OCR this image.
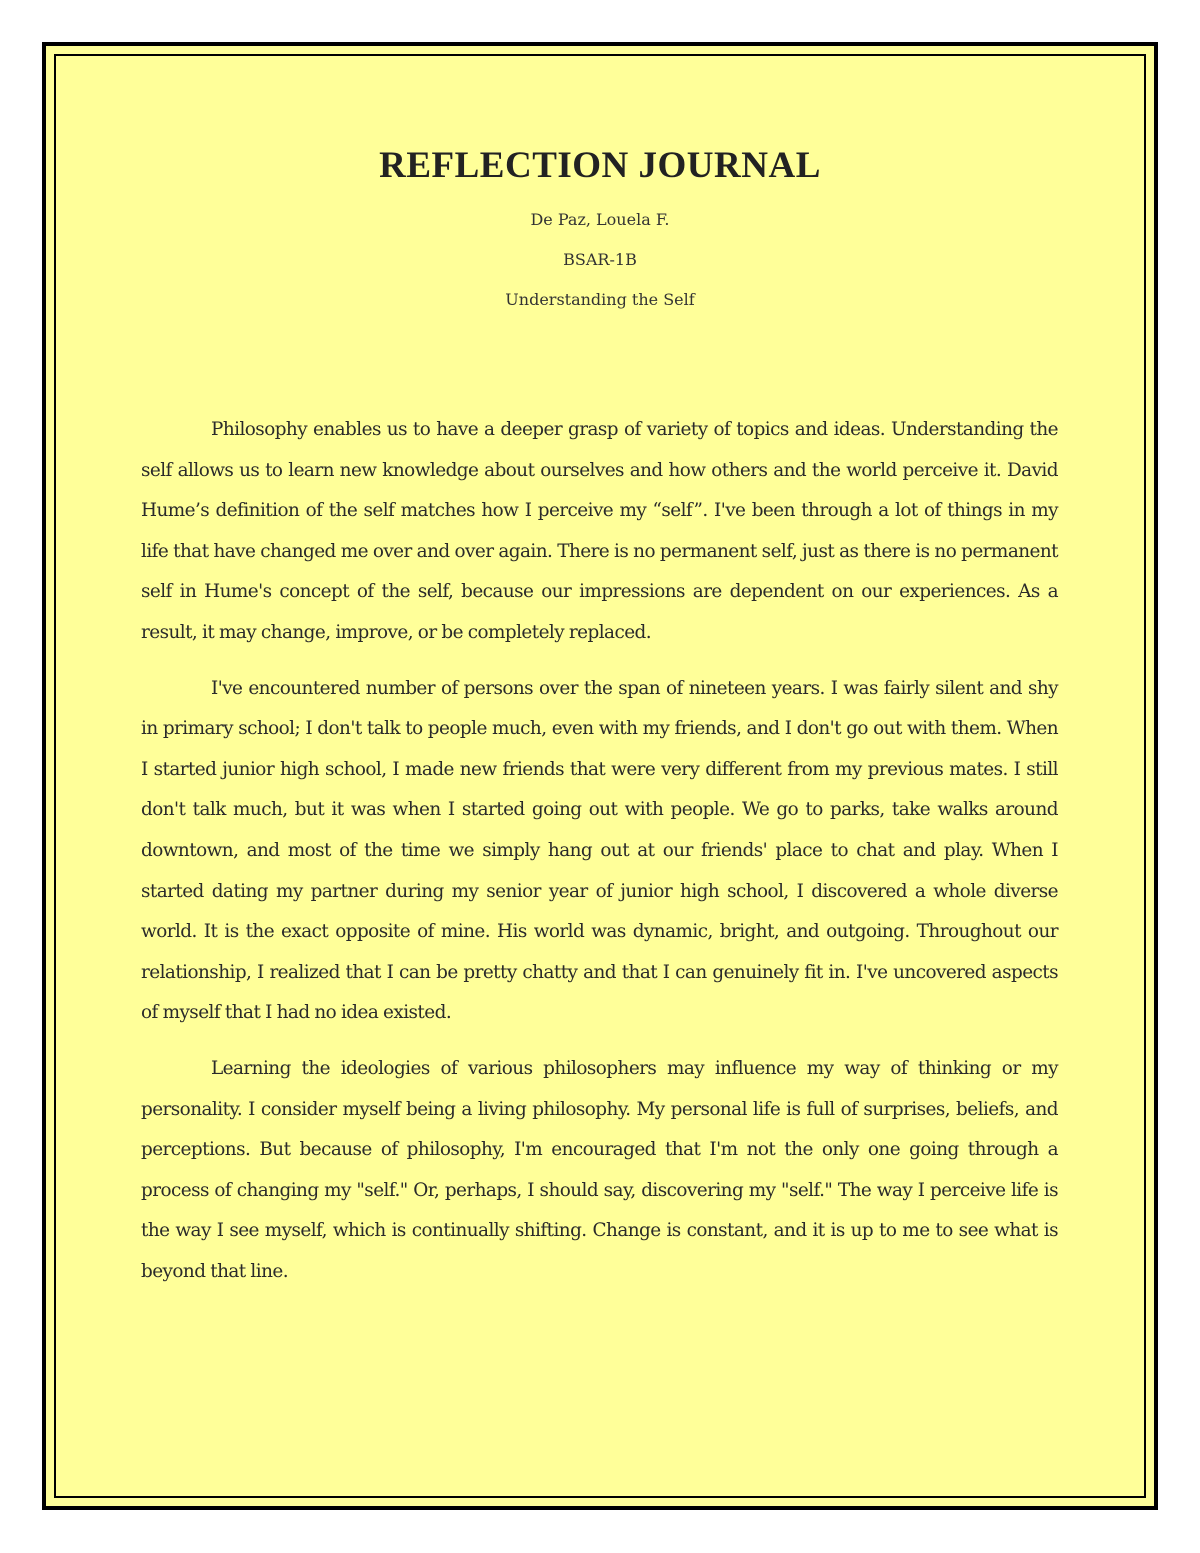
REFLECTION JOURNAL
De Paz, Louela F.
BSAR-1B
Understanding the Self

Philosophy enables us to have a deeper grasp of variety of topics and ideas. Understanding the self allows us to learn new knowledge about ourselves and how others and the world perceive it. David Hume’s definition of the self matches how I perceive my “self”. I've been through a lot of things in my life that have changed me over and over again. There is no permanent self, just as there is no permanent self in Hume's concept of the self, because our impressions are dependent on our experiences. As a result, it may change, improve, or be completely replaced.

I've encountered number of persons over the span of nineteen years. I was fairly silent and shy in primary school; I don't talk to people much, even with my friends, and I don't go out with them. When I started junior high school, I made new friends that were very different from my previous mates. I still don't talk much, but it was when I started going out with people. We go to parks, take walks around downtown, and most of the time we simply hang out at our friends' place to chat and play. When I started dating my partner during my senior year of junior high school, I discovered a whole diverse world. It is the exact opposite of mine. His world was dynamic, bright, and outgoing. Throughout our relationship, I realized that I can be pretty chatty and that I can genuinely fit in. I've uncovered aspects of myself that I had no idea existed.

Learning the ideologies of various philosophers may influence my way of thinking or my personality. I consider myself being a living philosophy. My personal life is full of surprises, beliefs, and perceptions. But because of philosophy, I'm encouraged that I'm not the only one going through a process of changing my "self." Or, perhaps, I should say, discovering my "self." The way I perceive life is the way I see myself, which is continually shifting. Change is constant, and it is up to me to see what is beyond that line.
